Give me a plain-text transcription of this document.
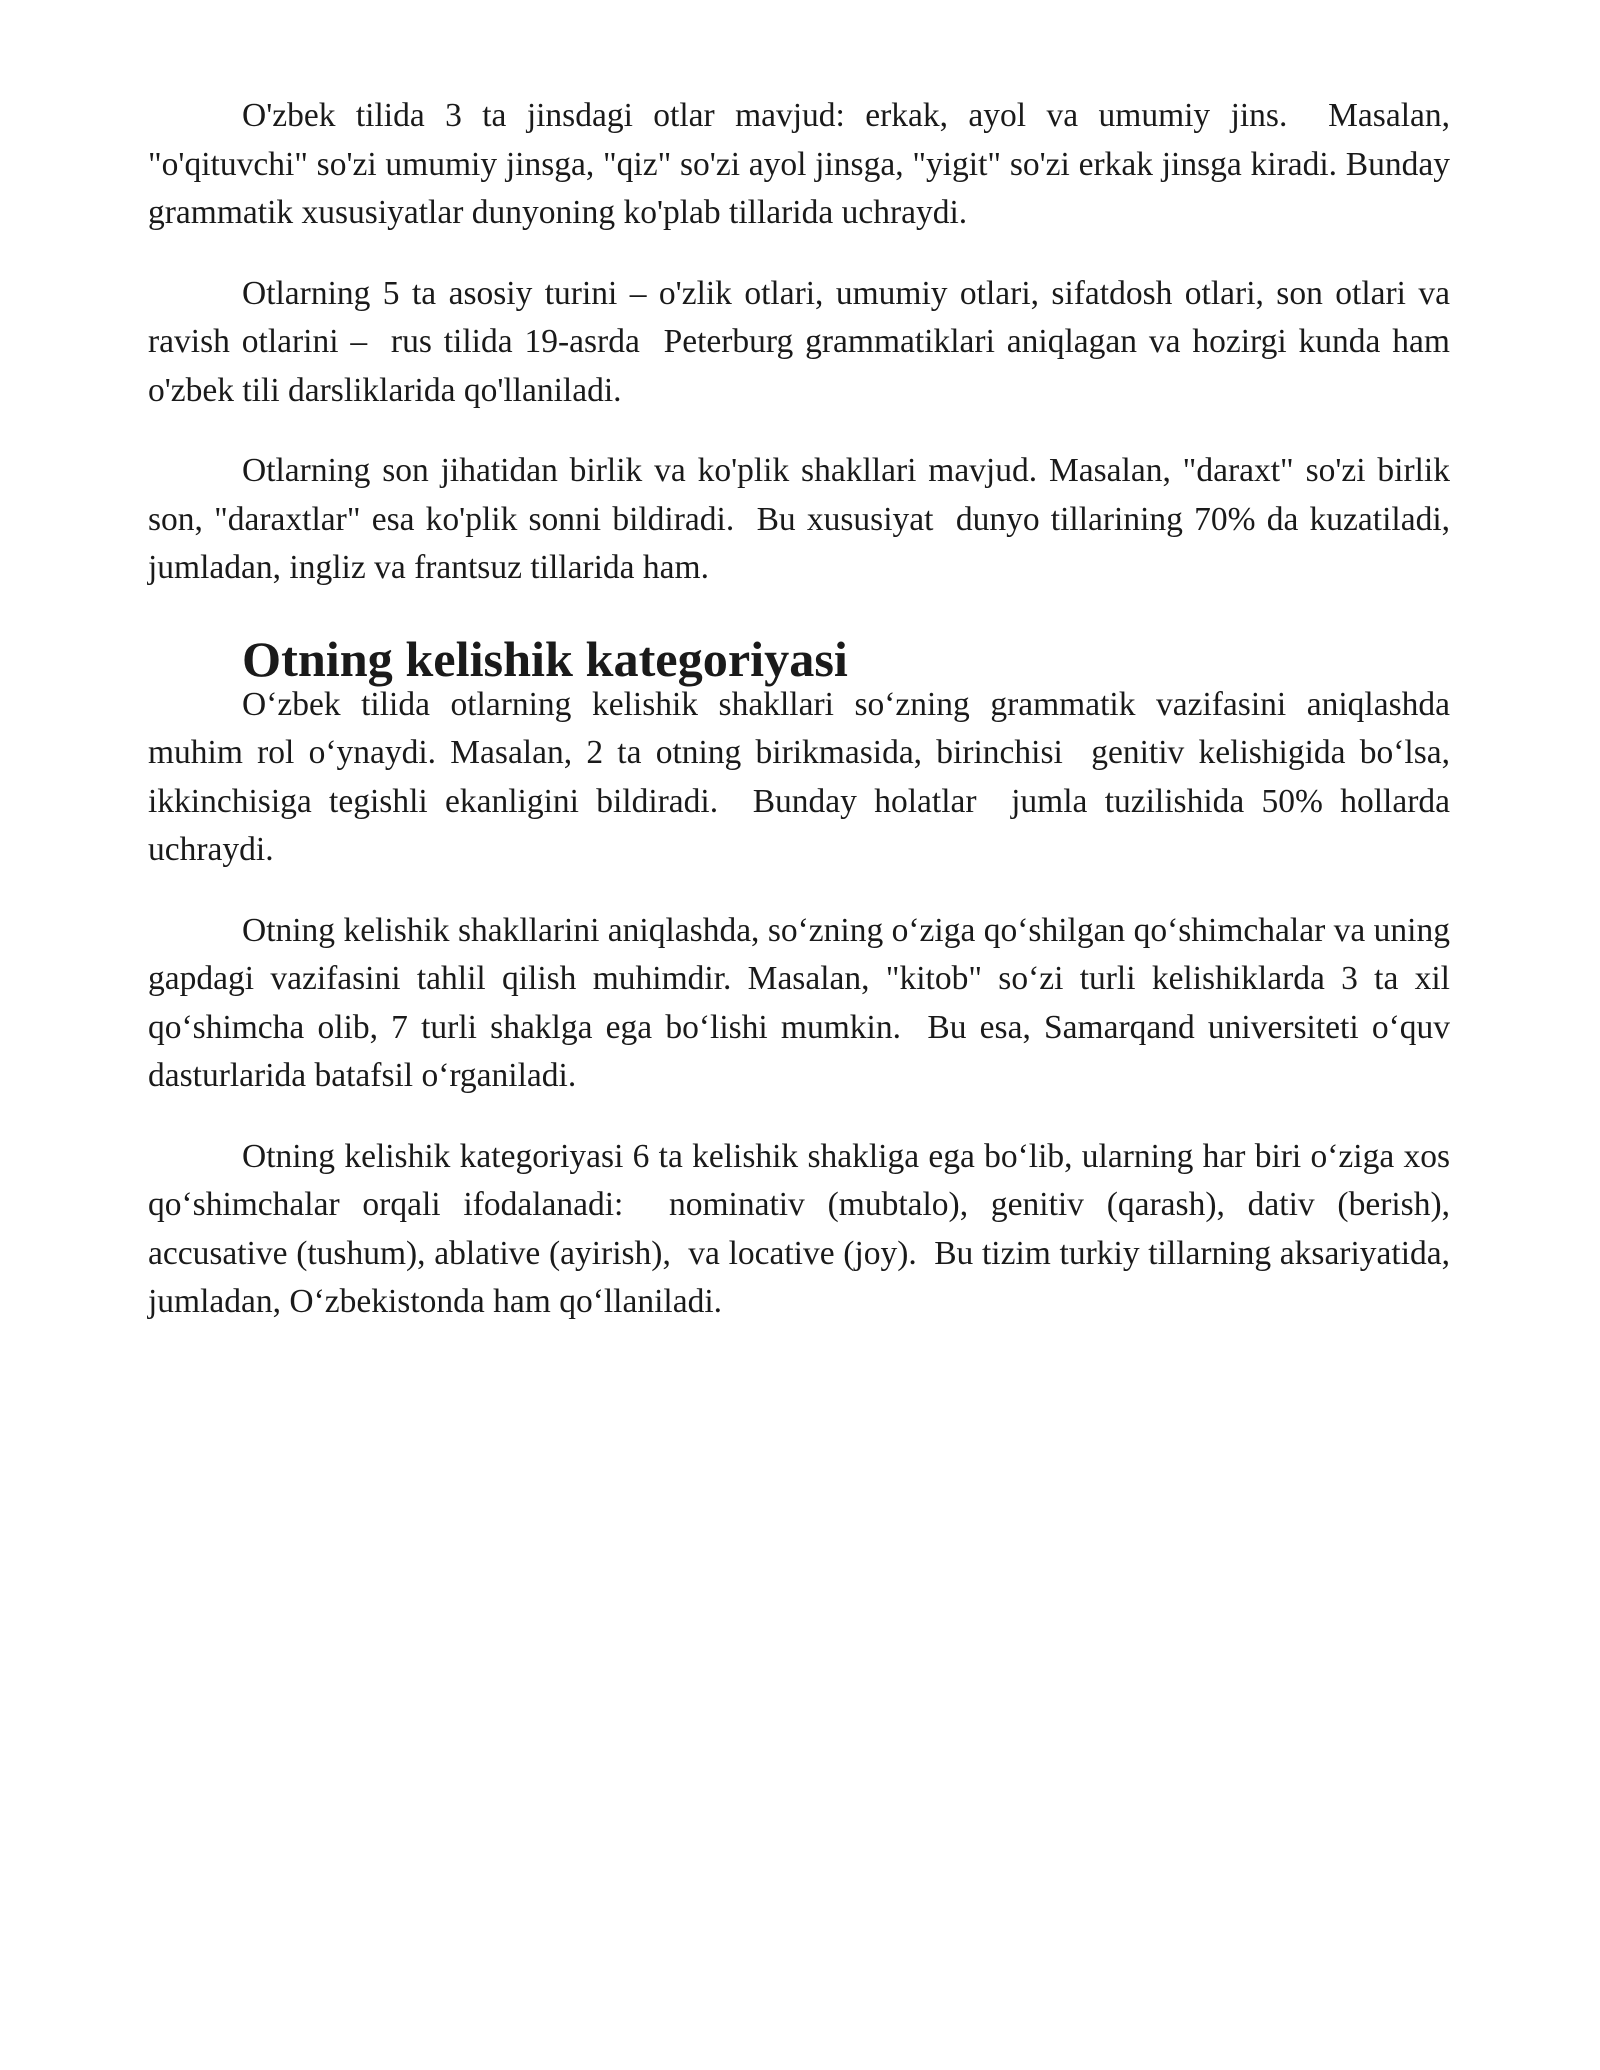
O'zbek tilida 3 ta jinsdagi otlar mavjud: erkak, ayol va umumiy jins.  Masalan, "o'qituvchi" so'zi umumiy jinsga, "qiz" so'zi ayol jinsga, "yigit" so'zi erkak jinsga kiradi. Bunday grammatik xususiyatlar dunyoning ko'plab tillarida uchraydi.

Otlarning 5 ta asosiy turini – o'zlik otlari, umumiy otlari, sifatdosh otlari, son otlari va ravish otlarini –  rus tilida 19-asrda  Peterburg grammatiklari aniqlagan va hozirgi kunda ham o'zbek tili darsliklarida qo'llaniladi.

Otlarning son jihatidan birlik va ko'plik shakllari mavjud. Masalan, "daraxt" so'zi birlik son, "daraxtlar" esa ko'plik sonni bildiradi.  Bu xususiyat  dunyo tillarining 70% da kuzatiladi, jumladan, ingliz va frantsuz tillarida ham.

Otning kelishik kategoriyasi

O‘zbek tilida otlarning kelishik shakllari so‘zning grammatik vazifasini aniqlashda muhim rol o‘ynaydi. Masalan, 2 ta otning birikmasida, birinchisi  genitiv kelishigida bo‘lsa,  ikkinchisiga tegishli ekanligini bildiradi.  Bunday holatlar  jumla tuzilishida 50% hollarda uchraydi.

Otning kelishik shakllarini aniqlashda, so‘zning o‘ziga qo‘shilgan qo‘shimchalar va uning gapdagi vazifasini tahlil qilish muhimdir. Masalan, "kitob" so‘zi turli kelishiklarda 3 ta xil qo‘shimcha olib, 7 turli shaklga ega bo‘lishi mumkin.  Bu esa, Samarqand universiteti o‘quv dasturlarida batafsil o‘rganiladi.

Otning kelishik kategoriyasi 6 ta kelishik shakliga ega bo‘lib, ularning har biri o‘ziga xos qo‘shimchalar orqali ifodalanadi:  nominativ (mubtalo), genitiv (qarash), dativ (berish), accusative (tushum), ablative (ayirish),  va locative (joy).  Bu tizim turkiy tillarning aksariyatida, jumladan, O‘zbekistonda ham qo‘llaniladi.
